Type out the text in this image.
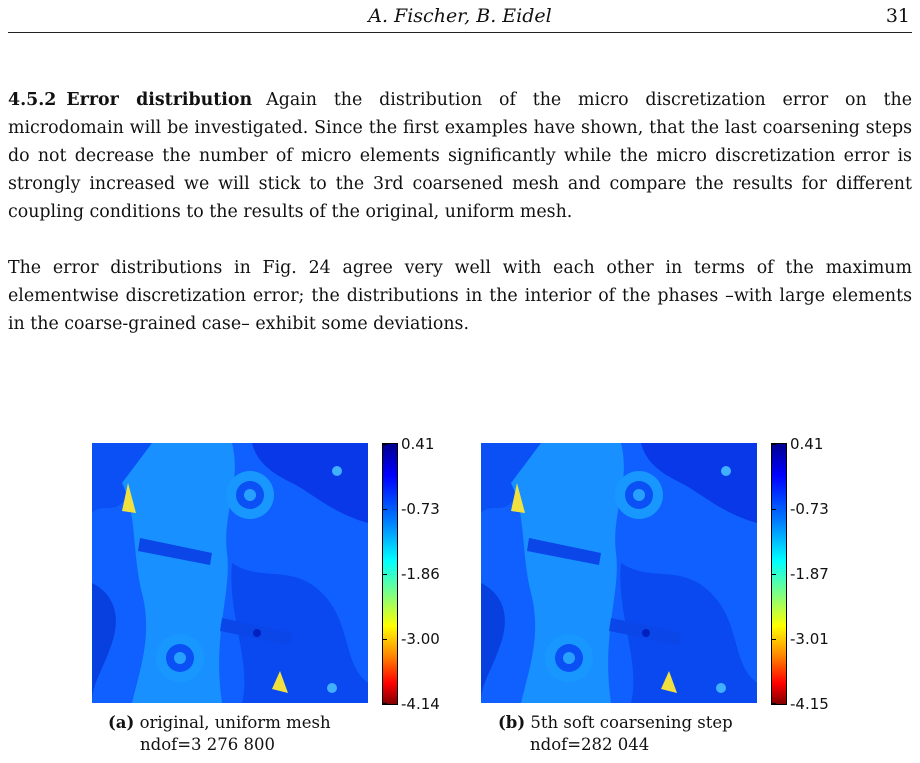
A. Fischer, B. Eidel	31

4.5.2 Error distribution Again the distribution of the micro discretization error on the microdomain will be investigated. Since the first examples have shown, that the last coarsening steps do not decrease the number of micro elements significantly while the micro discretization error is strongly increased we will stick to the 3rd coarsened mesh and compare the results for different coupling conditions to the results of the original, uniform mesh.

The error distributions in Fig. 24 agree very well with each other in terms of the maximum elementwise discretization error; the distributions in the interior of the phases –with large elements in the coarse-grained case– exhibit some deviations.

0.41
-0.73
-1.86
-3.00
-4.14
(a) original, uniform mesh
ndof=3 276 800
0.41
-0.73
-1.87
-3.01
-4.15
(b) 5th soft coarsening step
ndof=282 044
